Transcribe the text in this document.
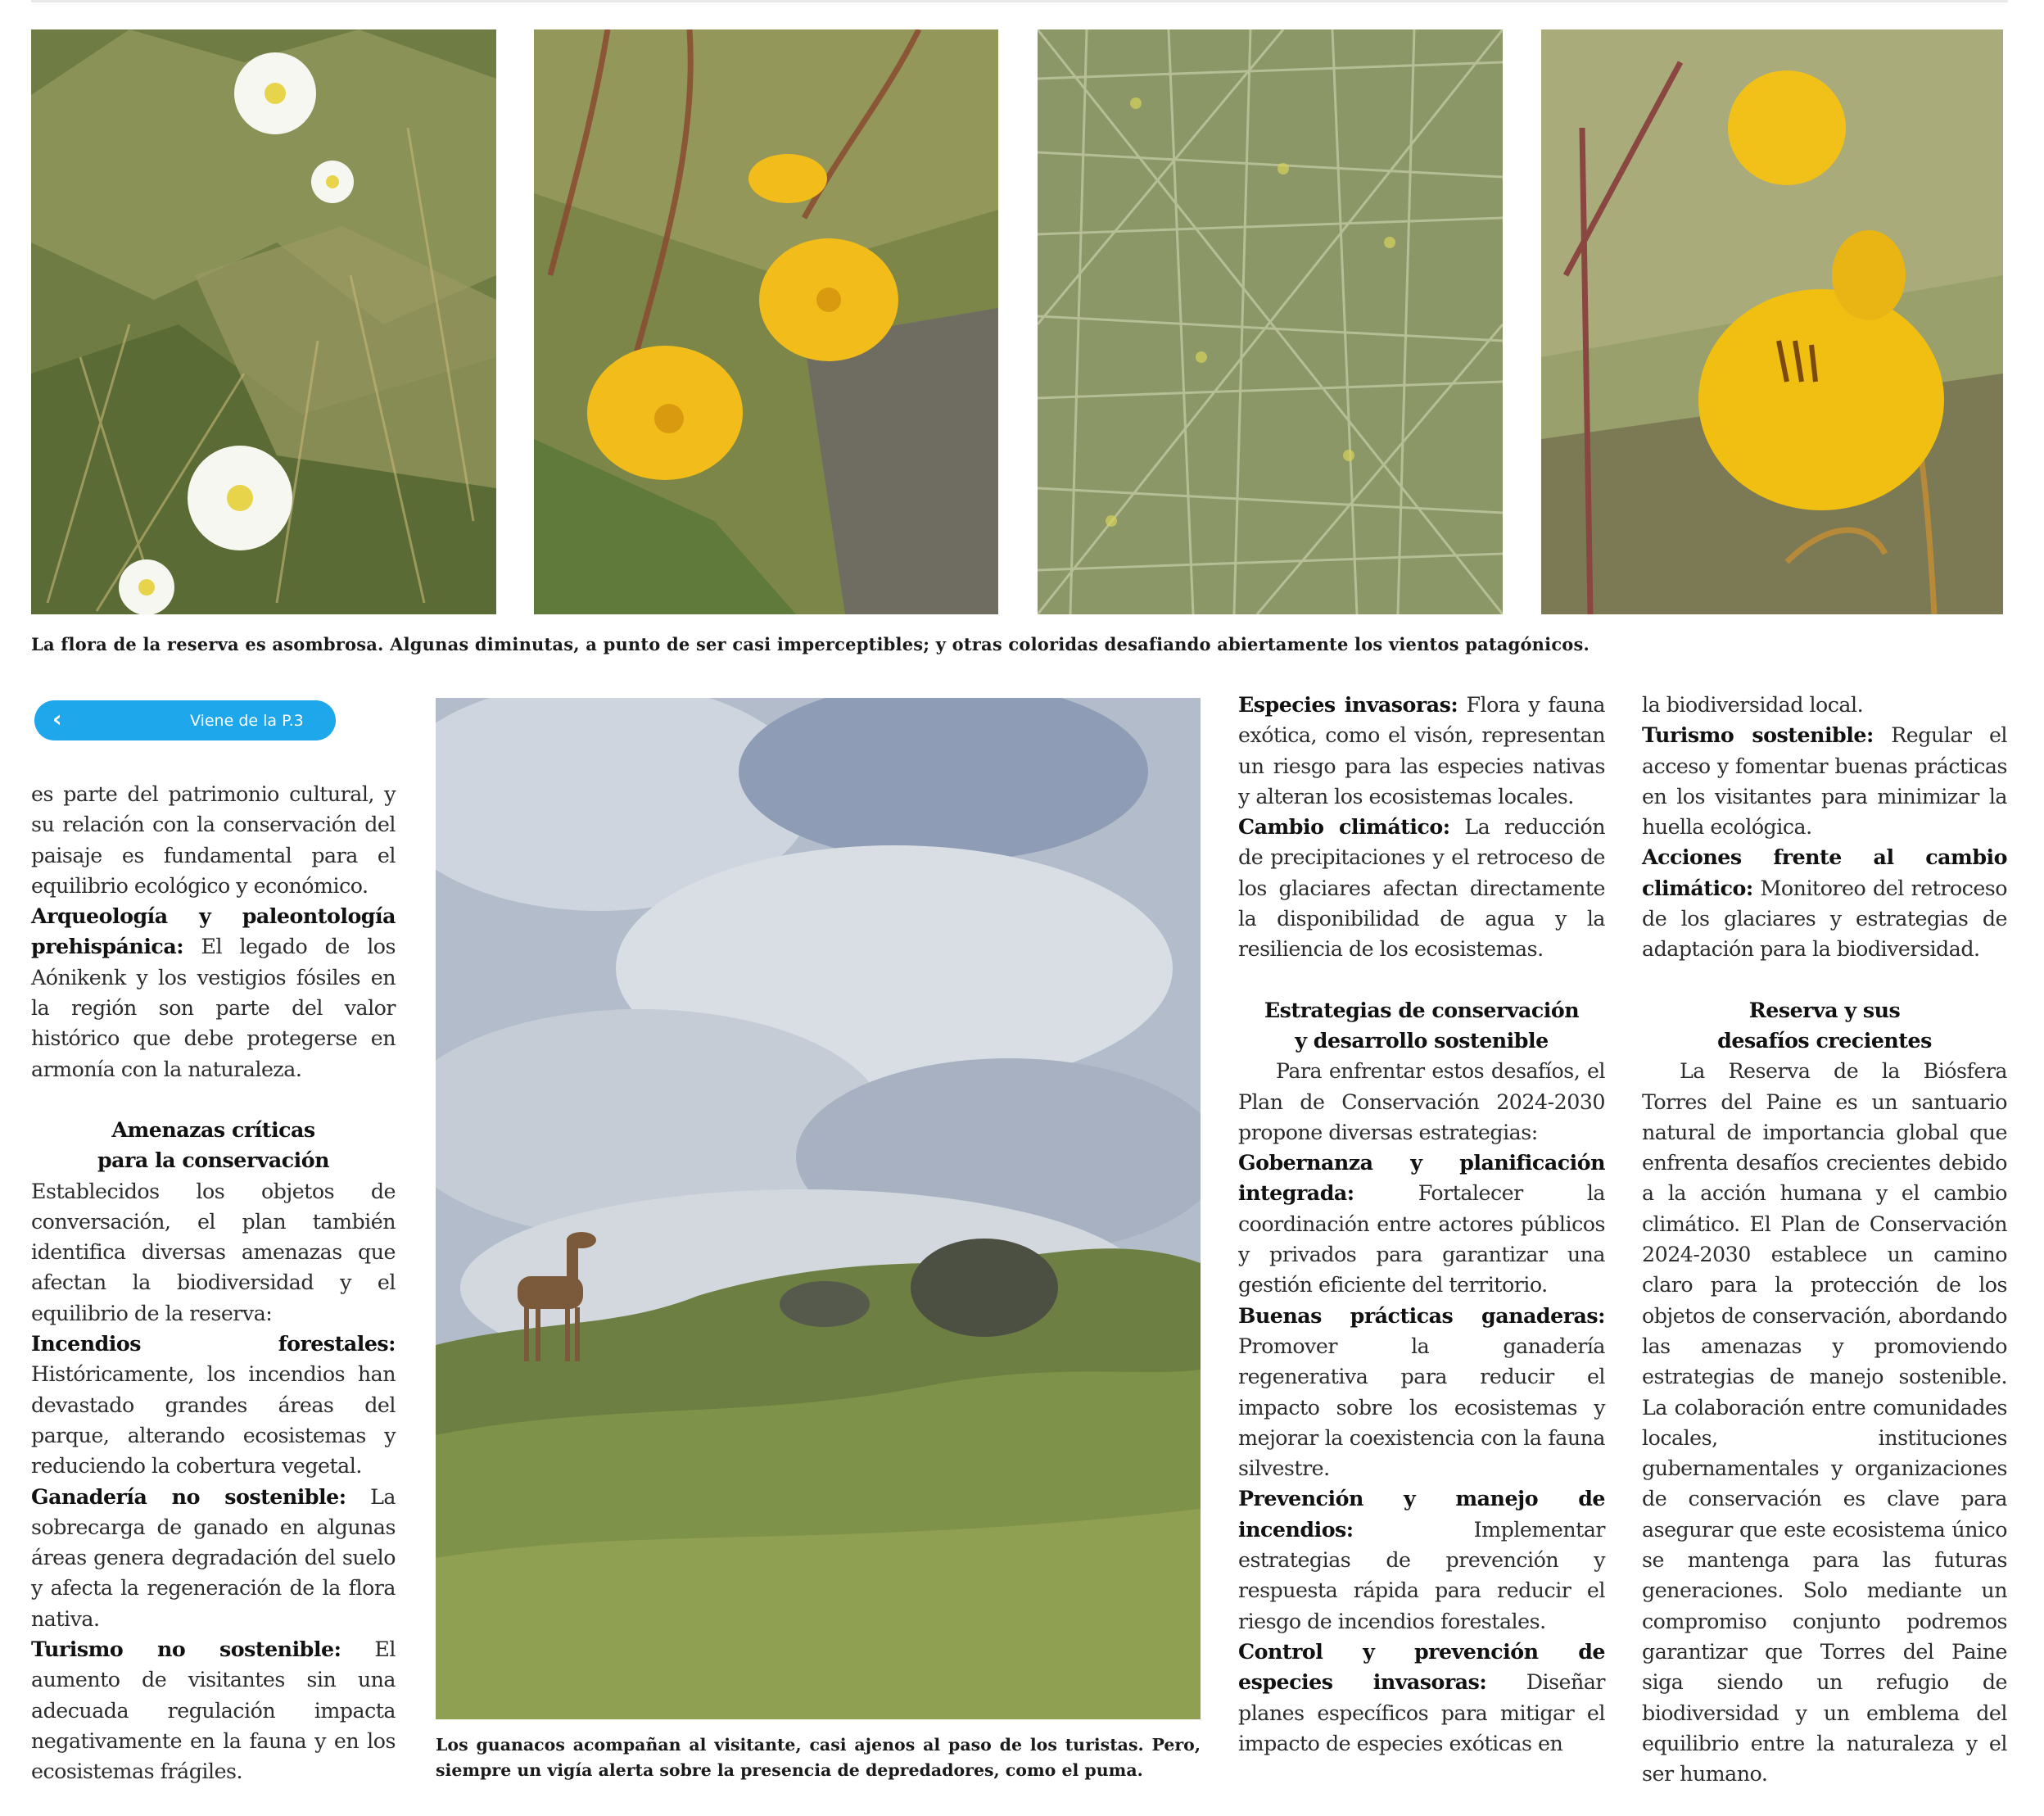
La flora de la reserva es asombrosa. Algunas diminutas, a punto de ser casi imperceptibles; y otras coloridas desafiando abiertamente los vientos patagónicos.
‹	Viene de la P.3

es parte del patrimonio cultural, y su relación con la conservación del paisaje es fundamental para el equilibrio ecológico y económico.

Arqueología y paleontología prehispánica: El legado de los Aónikenk y los vestigios fósiles en la región son parte del valor histórico que debe protegerse en armonía con la naturaleza.

Amenazas críticas
para la conservación

Establecidos los objetos de conversación, el plan también identifica diversas amenazas que afectan la biodiversidad y el equilibrio de la reserva:

Incendios forestales: Históricamente, los incendios han devastado grandes áreas del parque, alterando ecosistemas y reduciendo la cobertura vegetal.

Ganadería no sostenible: La sobrecarga de ganado en algunas áreas genera degradación del suelo y afecta la regeneración de la flora nativa.

Turismo no sostenible: El aumento de visitantes sin una adecuada regulación impacta negativamente en la fauna y en los ecosistemas frágiles.

Los guanacos acompañan al visitante, casi ajenos al paso de los turistas. Pero, siempre un vigía alerta sobre la presencia de depredadores, como el puma.

Especies invasoras: Flora y fauna exótica, como el visón, representan un riesgo para las especies nativas y alteran los ecosistemas locales.

Cambio climático: La reducción de precipitaciones y el retroceso de los glaciares afectan directamente la disponibilidad de agua y la resiliencia de los ecosistemas.

Estrategias de conservación
y desarrollo sostenible

Para enfrentar estos desafíos, el Plan de Conservación 2024-2030 propone diversas estrategias:

Gobernanza y planificación integrada: Fortalecer la coordinación entre actores públicos y privados para garantizar una gestión eficiente del territorio.

Buenas prácticas ganaderas: Promover la ganadería regenerativa para reducir el impacto sobre los ecosistemas y mejorar la coexistencia con la fauna silvestre.

Prevención y manejo de incendios: Implementar estrategias de prevención y respuesta rápida para reducir el riesgo de incendios forestales.

Control y prevención de especies invasoras: Diseñar planes específicos para mitigar el impacto de especies exóticas en

la biodiversidad local.

Turismo sostenible: Regular el acceso y fomentar buenas prácticas en los visitantes para minimizar la huella ecológica.

Acciones frente al cambio climático: Monitoreo del retroceso de los glaciares y estrategias de adaptación para la biodiversidad.

Reserva y sus
desafíos crecientes

La Reserva de la Biósfera Torres del Paine es un santuario natural de importancia global que enfrenta desafíos crecientes debido a la acción humana y el cambio climático. El Plan de Conservación 2024-2030 establece un camino claro para la protección de los objetos de conservación, abordando las amenazas y promoviendo estrategias de manejo sostenible. La colaboración entre comunidades locales, instituciones gubernamentales y organizaciones de conservación es clave para asegurar que este ecosistema único se mantenga para las futuras generaciones. Solo mediante un compromiso conjunto podremos garantizar que Torres del Paine siga siendo un refugio de biodiversidad y un emblema del equilibrio entre la naturaleza y el ser humano.
